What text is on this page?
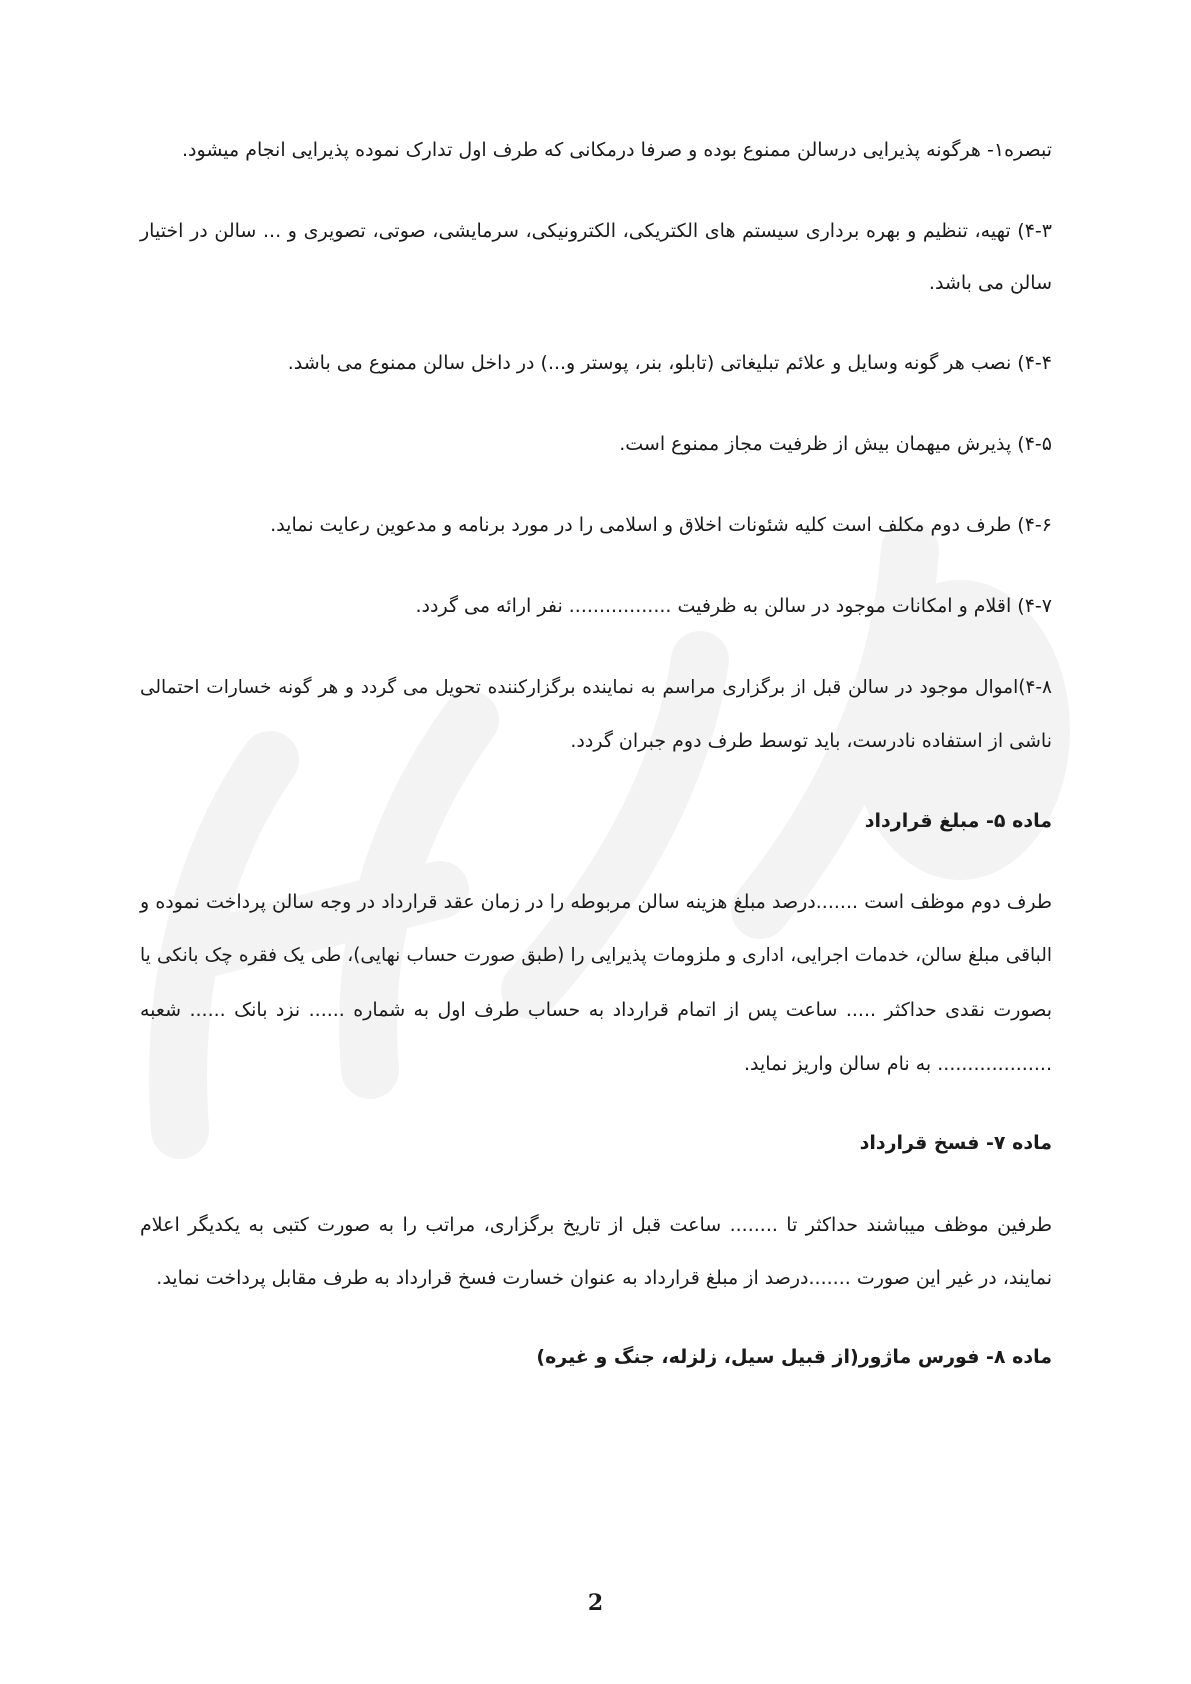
تبصره۱- هرگونه پذیرایی درسالن ممنوع بوده و صرفا درمکانی که طرف اول تدارک نموده پذیرایی انجام میشود.
۴-۳) تهیه، تنظیم و بهره برداری سیستم های الکتریکی، الکترونیکی، سرمایشی، صوتی، تصویری و ... سالن در اختیار
سالن می باشد.
۴-۴) نصب هر گونه وسایل و علائم تبلیغاتی (تابلو، بنر، پوستر و...) در داخل سالن ممنوع می باشد.
۴-۵) پذیرش میهمان بیش از ظرفیت مجاز ممنوع است.
۴-۶) طرف دوم مکلف است کلیه شئونات اخلاق و اسلامی را در مورد برنامه و مدعوین رعایت نماید.
۴-۷) اقلام و امکانات موجود در سالن به ظرفیت ................. نفر ارائه می گردد.
۴-۸)اموال موجود در سالن قبل از برگزاری مراسم به نماینده برگزارکننده تحویل می گردد و هر گونه خسارات احتمالی
ناشی از استفاده نادرست، باید توسط طرف دوم جبران گردد.
ماده ۵- مبلغ قرارداد
طرف دوم موظف است .......درصد مبلغ هزینه سالن مربوطه را در زمان عقد قرارداد در وجه سالن پرداخت نموده و
الباقی مبلغ سالن، خدمات اجرایی، اداری و ملزومات پذیرایی را (طبق صورت حساب نهایی)، طی یک فقره چک بانکی یا
بصورت نقدی حداکثر ..... ساعت پس از اتمام قرارداد به حساب طرف اول به شماره ...... نزد بانک ...... شعبه
................... به نام سالن واریز نماید.
ماده ۷- فسخ قرارداد
طرفین موظف میباشند حداکثر تا ........ ساعت قبل از تاریخ برگزاری، مراتب را به صورت کتبی به یکدیگر اعلام
نمایند، در غیر این صورت .......درصد از مبلغ قرارداد به عنوان خسارت فسخ قرارداد به طرف مقابل پرداخت نماید.
ماده ۸- فورس ماژور(از قبیل سیل، زلزله، جنگ و غیره)
2
